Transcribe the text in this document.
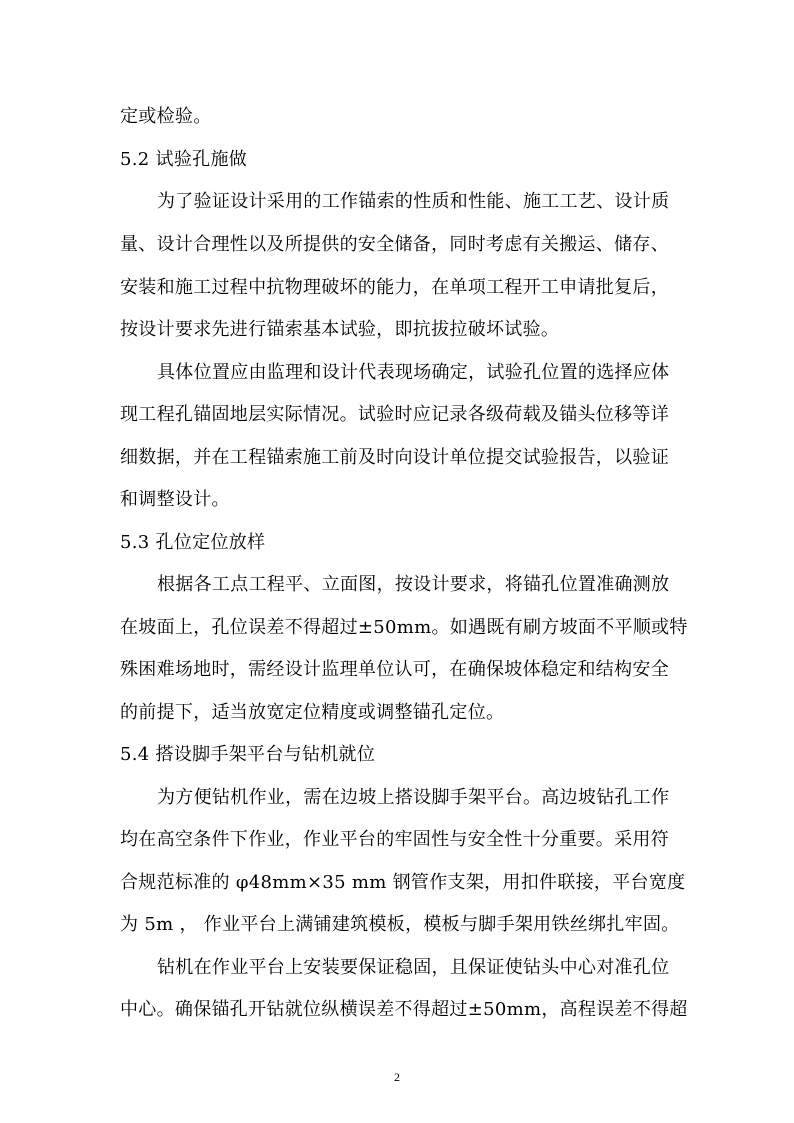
定或检验。
5.2 试验孔施做
为了验证设计采用的工作锚索的性质和性能、施工工艺、设计质
量、设计合理性以及所提供的安全储备，同时考虑有关搬运、储存、
安装和施工过程中抗物理破坏的能力，在单项工程开工申请批复后，
按设计要求先进行锚索基本试验，即抗拔拉破坏试验。
具体位置应由监理和设计代表现场确定，试验孔位置的选择应体
现工程孔锚固地层实际情况。试验时应记录各级荷载及锚头位移等详
细数据，并在工程锚索施工前及时向设计单位提交试验报告，以验证
和调整设计。
5.3 孔位定位放样
根据各工点工程平、立面图，按设计要求，将锚孔位置准确测放
在坡面上，孔位误差不得超过±50mm。如遇既有刷方坡面不平顺或特
殊困难场地时，需经设计监理单位认可，在确保坡体稳定和结构安全
的前提下，适当放宽定位精度或调整锚孔定位。
5.4 搭设脚手架平台与钻机就位
为方便钻机作业，需在边坡上搭设脚手架平台。高边坡钻孔工作
均在高空条件下作业，作业平台的牢固性与安全性十分重要。采用符
合规范标准的 φ48mm×35 mm 钢管作支架，用扣件联接，平台宽度
为 5m ， 作业平台上满铺建筑模板，模板与脚手架用铁丝绑扎牢固。
钻机在作业平台上安装要保证稳固，且保证使钻头中心对准孔位
中心。确保锚孔开钻就位纵横误差不得超过±50mm，高程误差不得超
2
